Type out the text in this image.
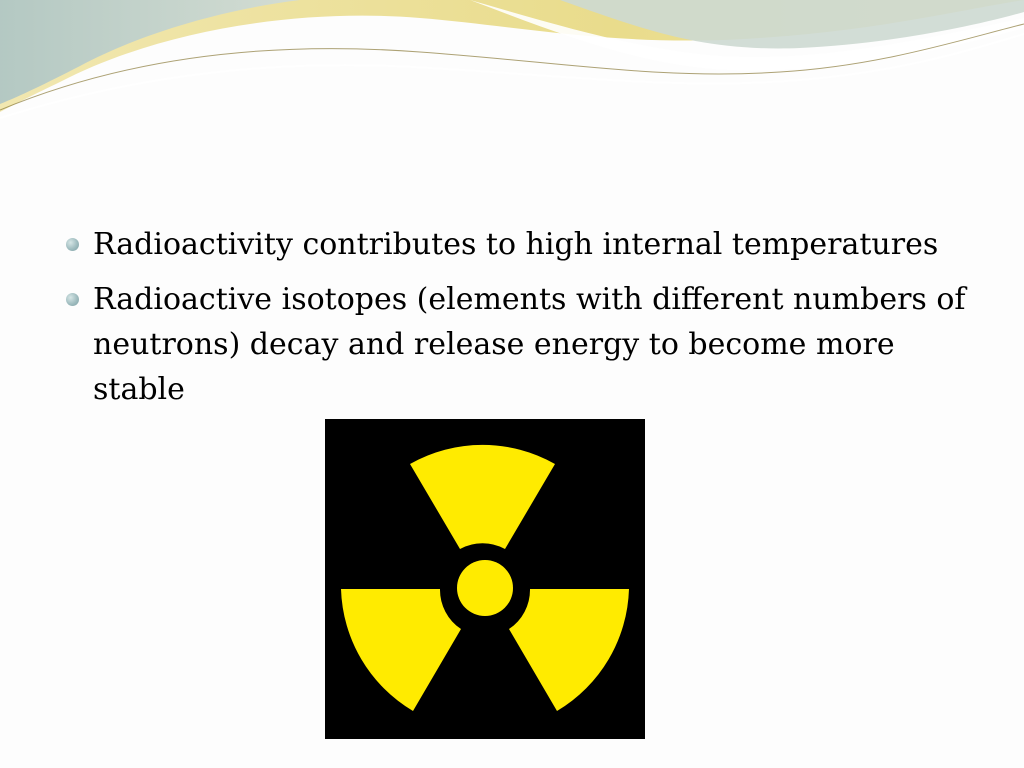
Radioactivity contributes to high internal temperatures
Radioactive isotopes (elements with different numbers of neutrons) decay and release energy to become more stable
